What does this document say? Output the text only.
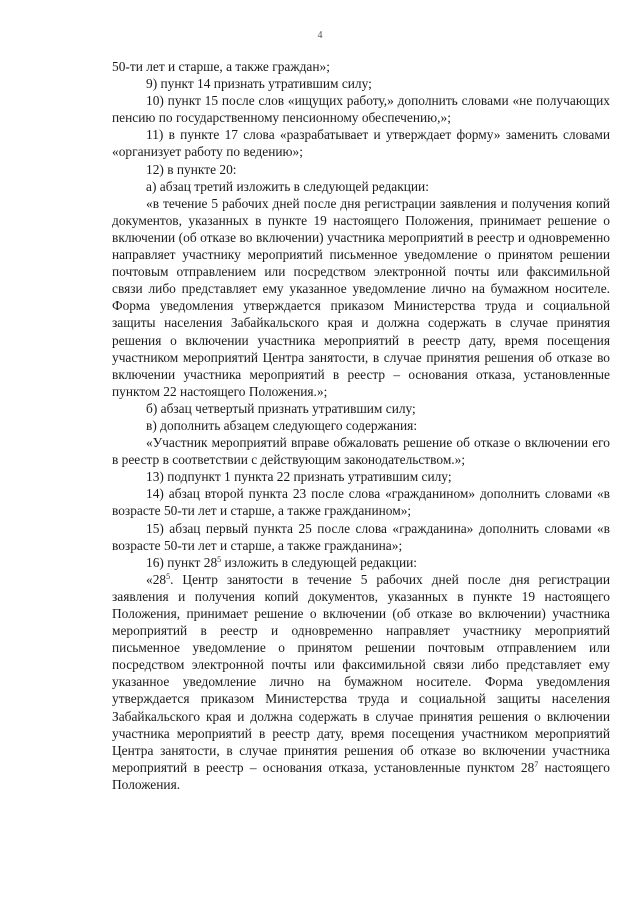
4

50-ти лет и старше, а также граждан»;

9) пункт 14 признать утратившим силу;

10) пункт 15 после слов «ищущих работу,» дополнить словами «не получающих пенсию по государственному пенсионному обеспечению,»;

11) в пункте 17 слова «разрабатывает и утверждает форму» заменить словами «организует работу по ведению»;

12) в пункте 20:

а) абзац третий изложить в следующей редакции:

«в течение 5 рабочих дней после дня регистрации заявления и получения копий документов, указанных в пункте 19 настоящего Положения, принимает решение о включении (об отказе во включении) участника мероприятий в реестр и одновременно направляет участнику мероприятий письменное уведомление о принятом решении почтовым отправлением или посредством электронной почты или факсимильной связи либо представляет ему указанное уведомление лично на бумажном носителе. Форма уведомления утверждается приказом Министерства труда и социальной защиты населения Забайкальского края и должна содержать в случае принятия решения о включении участника мероприятий в реестр дату, время посещения участником мероприятий Центра занятости, в случае принятия решения об отказе во включении участника мероприятий в реестр – основания отказа, установленные пунктом 22 настоящего Положения.»;

б) абзац четвертый признать утратившим силу;

в) дополнить абзацем следующего содержания:

«Участник мероприятий вправе обжаловать решение об отказе о включении его в реестр в соответствии с действующим законодательством.»;

13) подпункт 1 пункта 22 признать утратившим силу;

14) абзац второй пункта 23 после слова «гражданином» дополнить словами «в возрасте 50-ти лет и старше, а также гражданином»;

15) абзац первый пункта 25 после слова «гражданина» дополнить словами «в возрасте 50-ти лет и старше, а также гражданина»;

16) пункт $28^5$ изложить в следующей редакции:

«$28^5$. Центр занятости в течение 5 рабочих дней после дня регистрации заявления и получения копий документов, указанных в пункте 19 настоящего Положения, принимает решение о включении (об отказе во включении) участника мероприятий в реестр и одновременно направляет участнику мероприятий письменное уведомление о принятом решении почтовым отправлением или посредством электронной почты или факсимильной связи либо представляет ему указанное уведомление лично на бумажном носителе. Форма уведомления утверждается приказом Министерства труда и социальной защиты населения Забайкальского края и должна содержать в случае принятия решения о включении участника мероприятий в реестр дату, время посещения участником мероприятий Центра занятости, в случае принятия решения об отказе во включении участника мероприятий в реестр – основания отказа, установленные пунктом $28^7$ настоящего Положения.
